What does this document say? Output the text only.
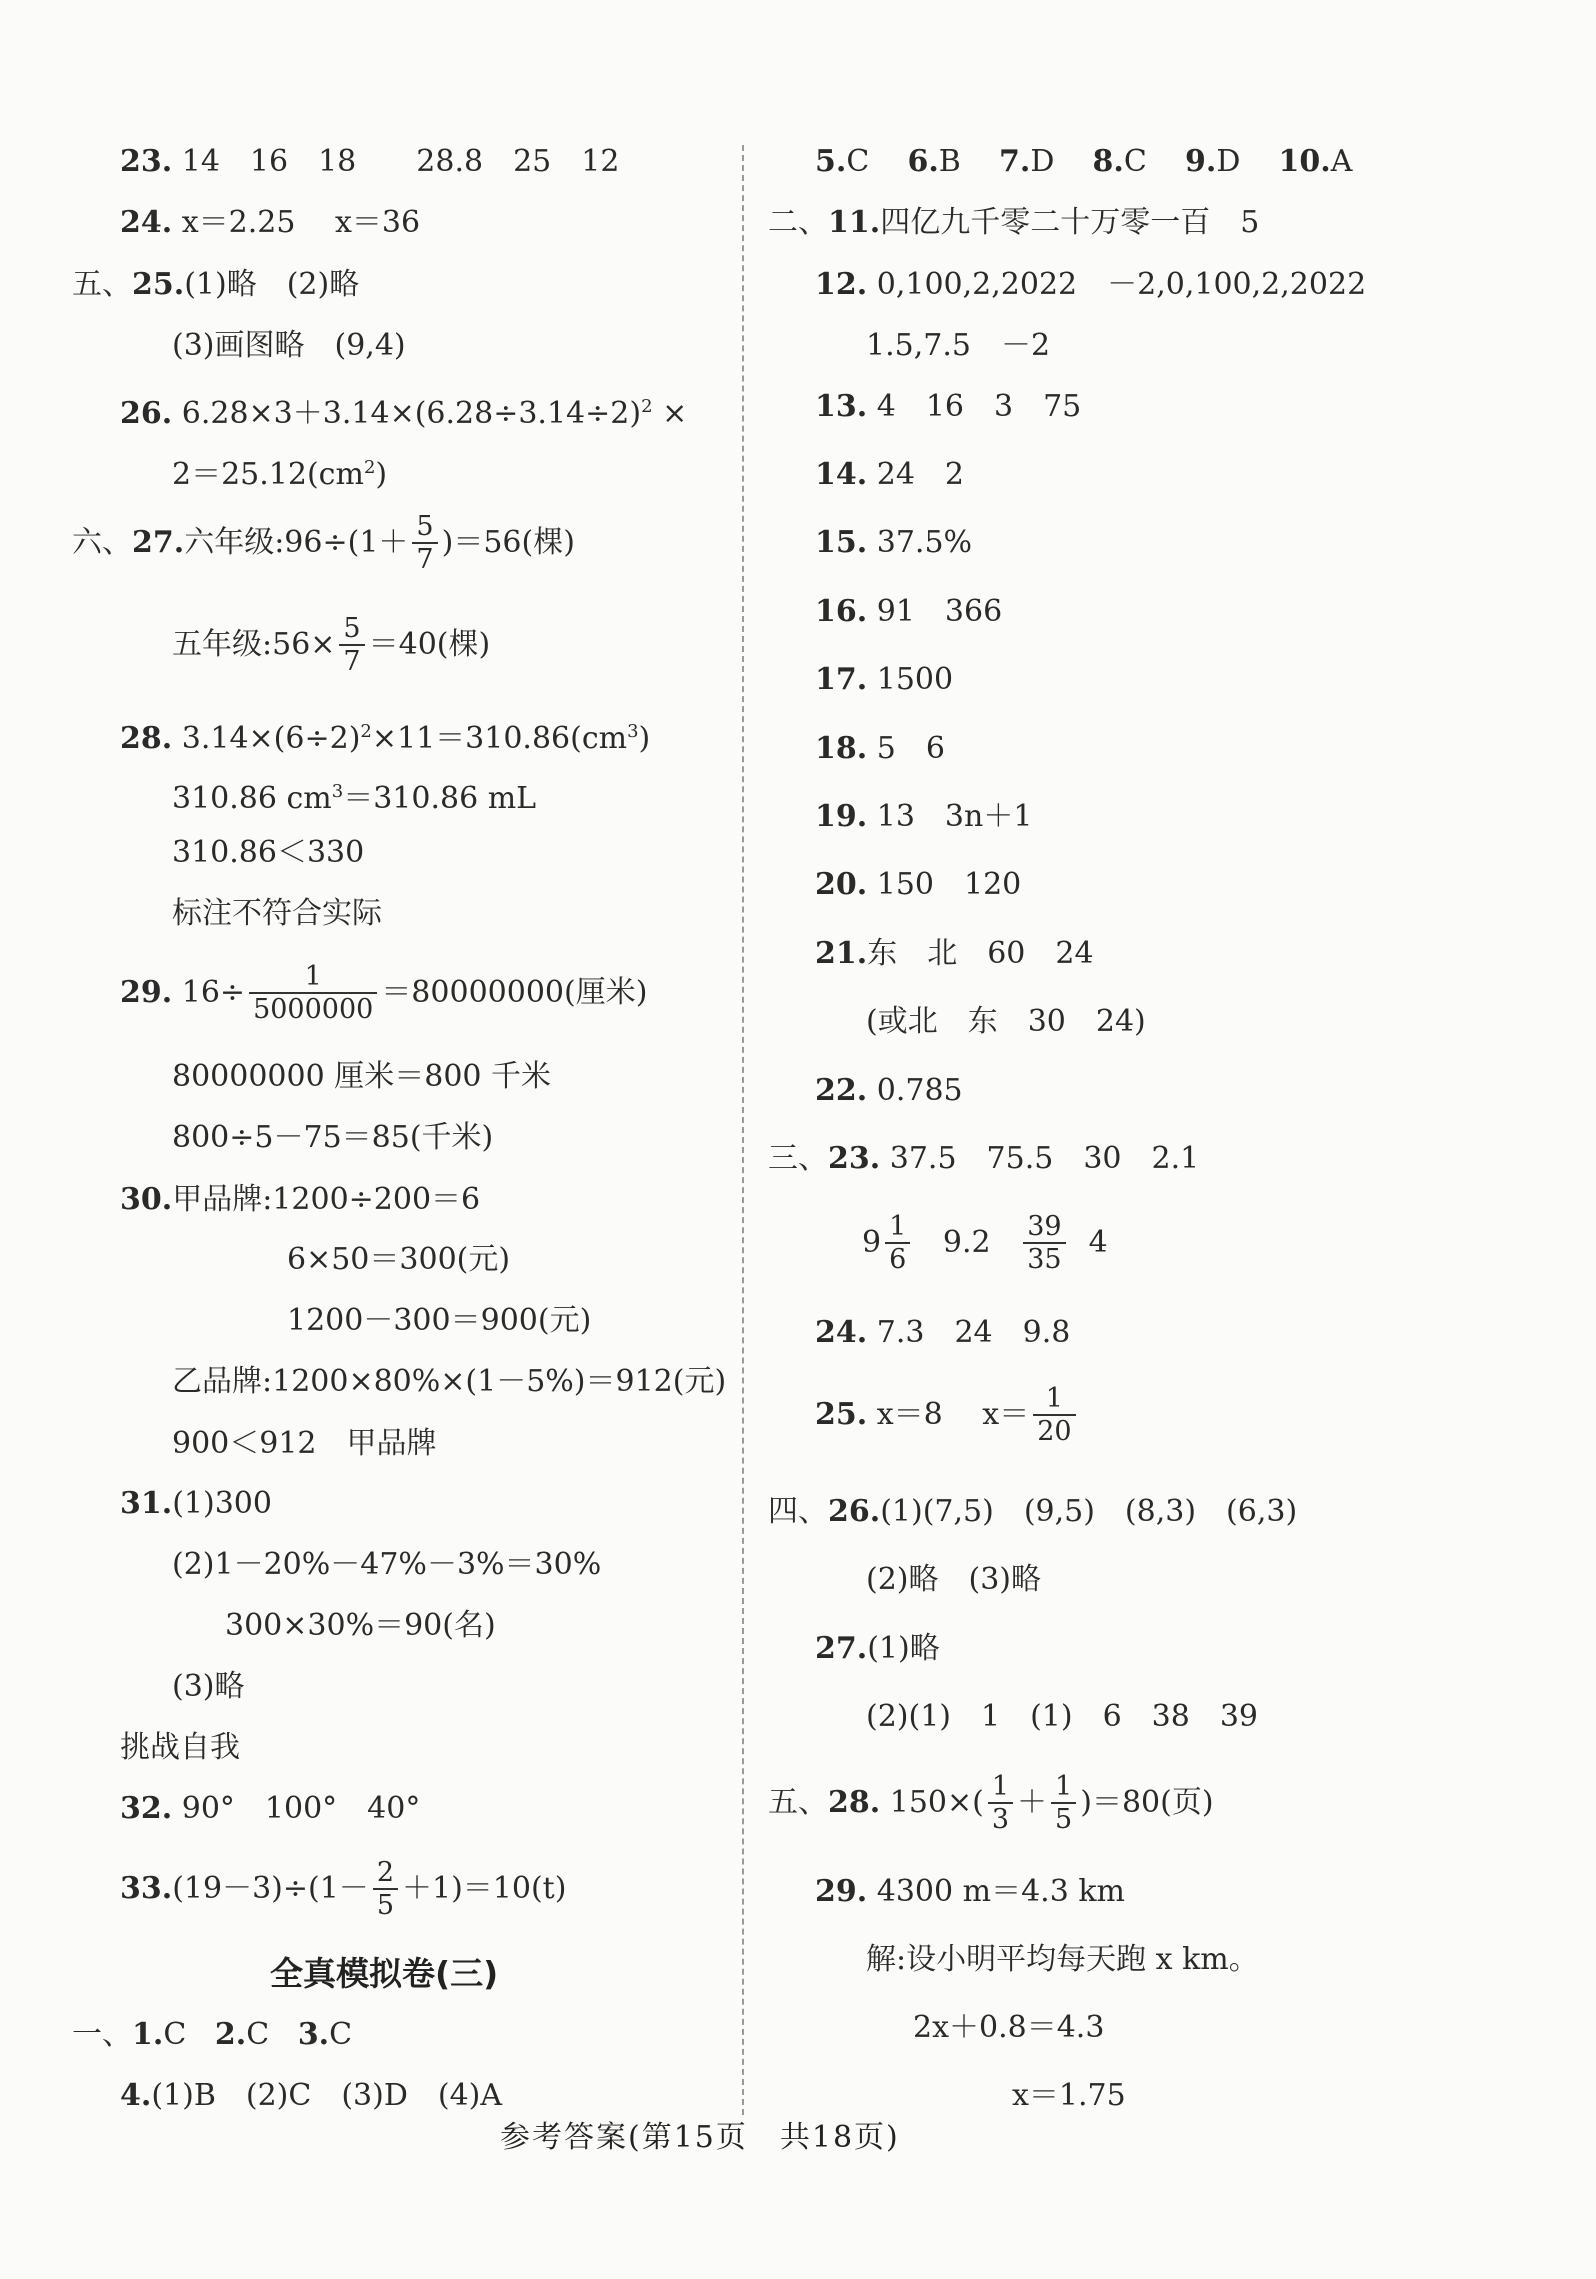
23. 14　16　18　　28.8　25　12
24. x＝2.25　 x＝36
五、25.(1)略　(2)略
(3)画图略　(9,4)
26. $6.28\times 3+3.14\times(6.28\div 3.14\div 2)^2$ ×
$2=25.12(cm^2)$
六、 27. 六年级:96÷(1＋ $\frac{5}{7} )=56$(棵)
五年级:56× $\frac{5}{7} =40$(棵)
28. $3.14\times(6\div 2)^2\times 11=310.86(cm^3)$
310.86 $cm^3=310.86$ mL
310.86＜330
标注不符合实际
29.
$16\div \frac{1}{5000000} =80000000$(厘米)
80000000 厘米＝800 千米
800÷5－75＝85(千米)
30.甲品牌:1200÷200＝6
6×50＝300(元)
1200－300＝900(元)
乙品牌:1200×80%×(1－5%)＝912(元)
900＜912　甲品牌
31.(1)300
(2)1－20%－47%－3%＝30%
300×30%＝90(名)
(3)略
挑战自我
32. 90°　100°　40°
33. $(19-3)\div(1- \frac{2}{5} +1)=10(t)$
全真模拟卷(三)
一、1.C 2.C 3.C
4.(1)B　(2)C　(3)D　(4)A
5.C 6.B 7.D 8.C 9.D 10.A
二、11.四亿九千零二十万零一百　5
12. 0,100,2,2022　－2,0,100,2,2022
1.5,7.5　－2
13. 4　16　3　75
14. 24　2
15. 37.5%
16. 91　366
17. 1500
18. 5　6
19. 13　3n＋1
20. 150　120
21.东　北　60　24
(或北　东　30　24)
22. 0.785
三、23. 37.5　75.5　30　2.1
$9 \frac{1}{6}$
9.2
$\frac{39}{35}$
4
24. 7.3　24　9.8
25.
x＝8　 $x= \frac{1}{20}$
四、26.(1)(7,5)　(9,5)　(8,3)　(6,3)
(2)略　(3)略
27.(1)略
(2)(1)　1　(1)　6　38　39
五、 28.
$150\times( \frac{1}{3} + \frac{1}{5} )=80$(页)
29. 4300 m＝4.3 km
解:设小明平均每天跑 x km。
2x＋0.8＝4.3
x＝1.75
参考答案(第15页　共18页)
